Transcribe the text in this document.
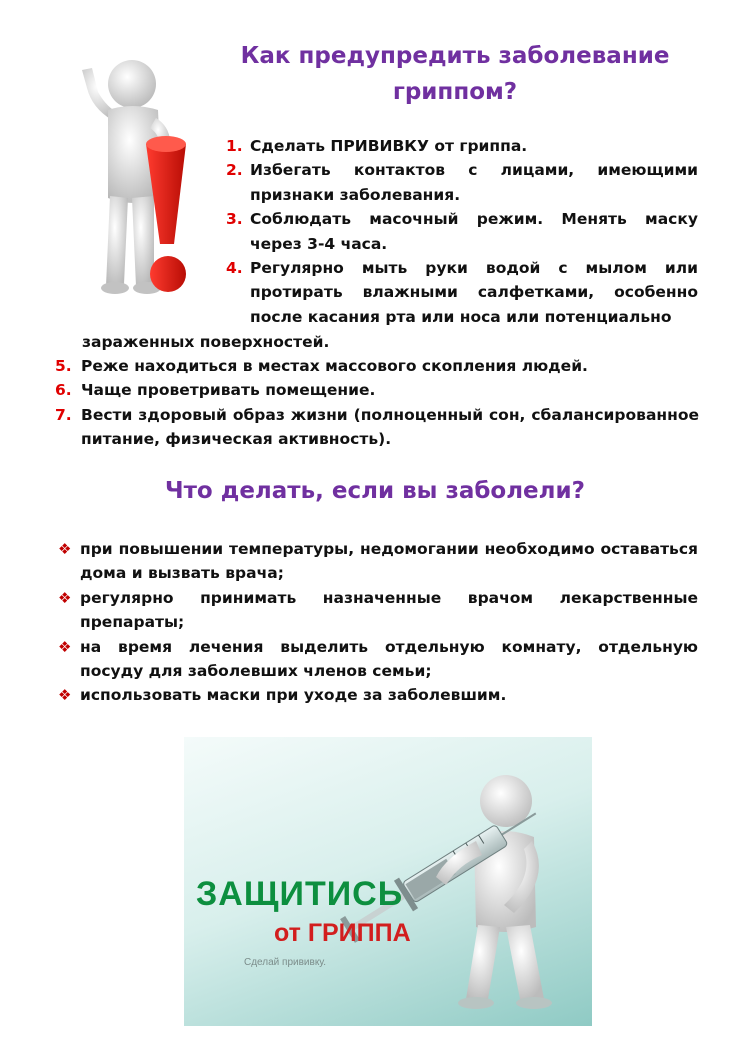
Как предупредить заболевание
гриппом?
1. Сделать ПРИВИВКУ от гриппа.
2. Избегать контактов с лицами, имеющими признаки заболевания.
3. Соблюдать масочный режим. Менять маску через 3-4 часа.
4. Регулярно мыть руки водой с мылом или протирать влажными салфетками, особенно после касания рта или носа или потенциально
зараженных поверхностей.
5. Реже находиться в местах массового скопления людей.
6. Чаще проветривать помещение.
7. Вести здоровый образ жизни (полноценный сон, сбалансированное питание, физическая активность).
Что делать, если вы заболели?
❖ при повышении температуры, недомогании необходимо оставаться дома и вызвать врача;
❖ регулярно принимать назначенные врачом лекарственные препараты;
❖ на время лечения выделить отдельную комнату, отдельную посуду для заболевших членов семьи;
❖ использовать маски при уходе за заболевшим.
ЗАЩИТИСЬ
от ГРИППА
Сделай прививку.
